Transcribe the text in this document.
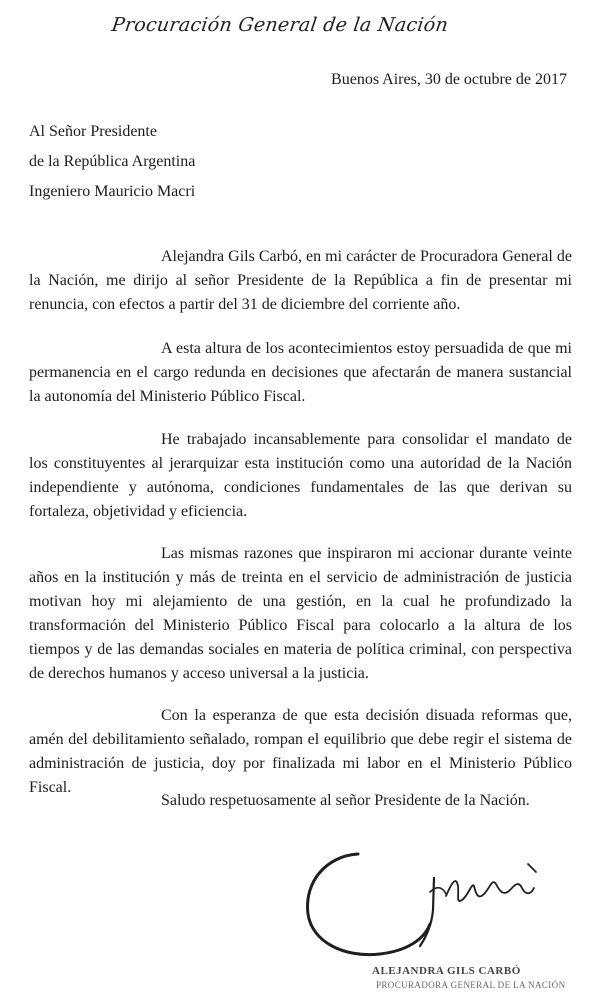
Procuración General de la Nación
Buenos Aires, 30 de octubre de 2017
Al Señor Presidente
de la República Argentina
Ingeniero Mauricio Macri

Alejandra Gils Carbó, en mi carácter de Procuradora General de la Nación, me dirijo al señor Presidente de la República a fin de presentar mi renuncia, con efectos a partir del 31 de diciembre del corriente año.

A esta altura de los acontecimientos estoy persuadida de que mi permanencia en el cargo redunda en decisiones que afectarán de manera sustancial la autonomía del Ministerio Público Fiscal.

He trabajado incansablemente para consolidar el mandato de los constituyentes al jerarquizar esta institución como una autoridad de la Nación independiente y autónoma, condiciones fundamentales de las que derivan su fortaleza, objetividad y eficiencia.

Las mismas razones que inspiraron mi accionar durante veinte años en la institución y más de treinta en el servicio de administración de justicia motivan hoy mi alejamiento de una gestión, en la cual he profundizado la transformación del Ministerio Público Fiscal para colocarlo a la altura de los tiempos y de las demandas sociales en materia de política criminal, con perspectiva de derechos humanos y acceso universal a la justicia.

Con la esperanza de que esta decisión disuada reformas que, amén del debilitamiento señalado, rompan el equilibrio que debe regir el sistema de administración de justicia, doy por finalizada mi labor en el Ministerio Público Fiscal.

Saludo respetuosamente al señor Presidente de la Nación.
ALEJANDRA GILS CARBÓ
PROCURADORA GENERAL DE LA NACIÓN
